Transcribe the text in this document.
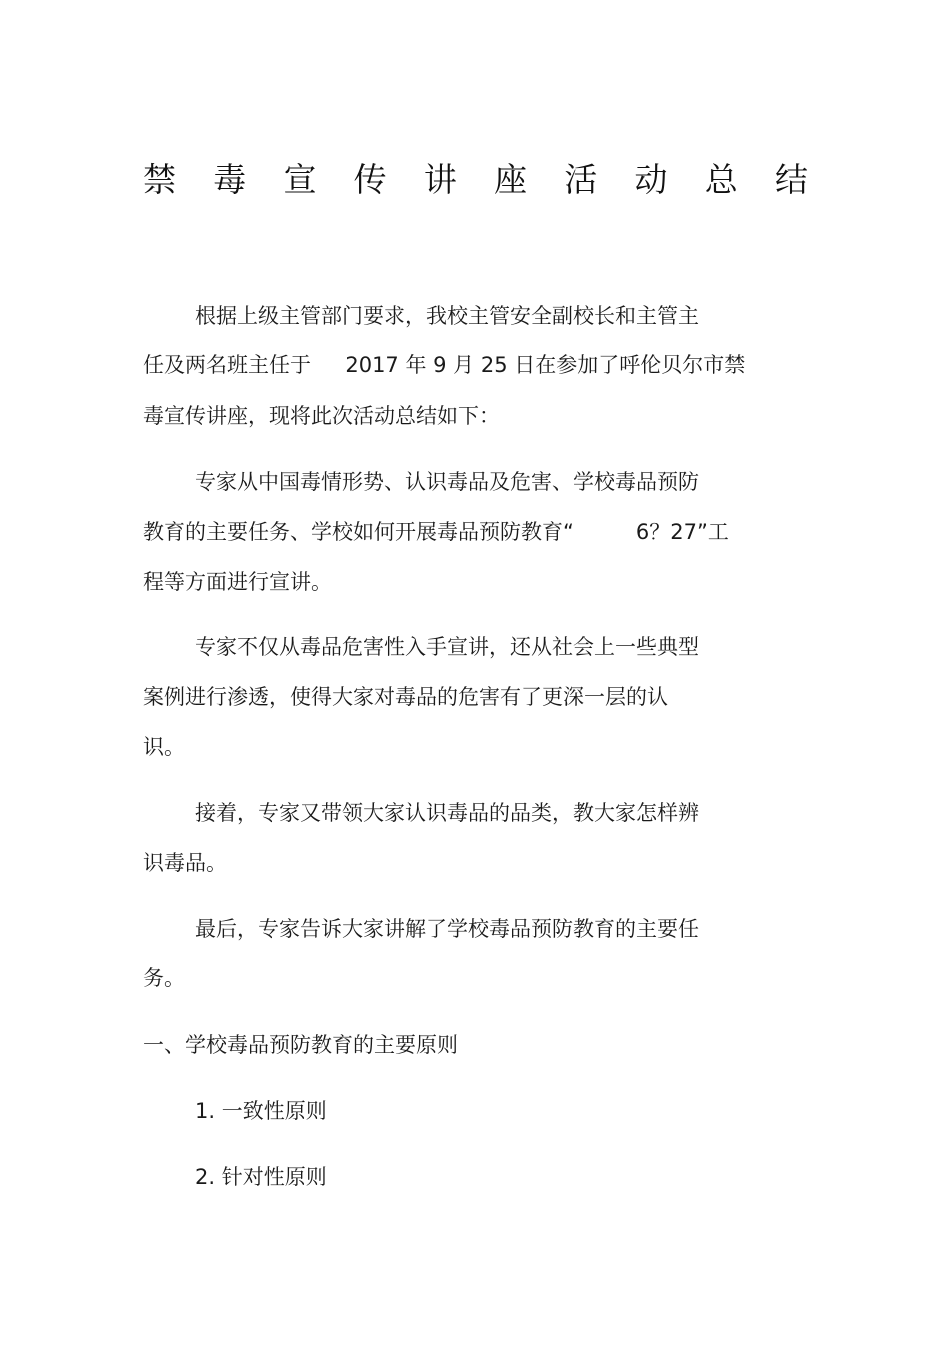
禁 毒 宣 传 讲 座 活 动 总 结
根据上级主管部门要求，我校主管安全副校长和主管主
任及两名班主任于 　 2017 年 9 月 25 日在参加了呼伦贝尔市禁
毒宣传讲座，现将此次活动总结如下：
专家从中国毒情形势、认识毒品及危害、学校毒品预防
教育的主要任务、学校如何开展毒品预防教育“ 　 　 6？27”工
程等方面进行宣讲。
专家不仅从毒品危害性入手宣讲，还从社会上一些典型
案例进行渗透，使得大家对毒品的危害有了更深一层的认
识。
接着，专家又带领大家认识毒品的品类，教大家怎样辨
识毒品。
最后，专家告诉大家讲解了学校毒品预防教育的主要任
务。
一、学校毒品预防教育的主要原则
1. 一致性原则
2. 针对性原则
